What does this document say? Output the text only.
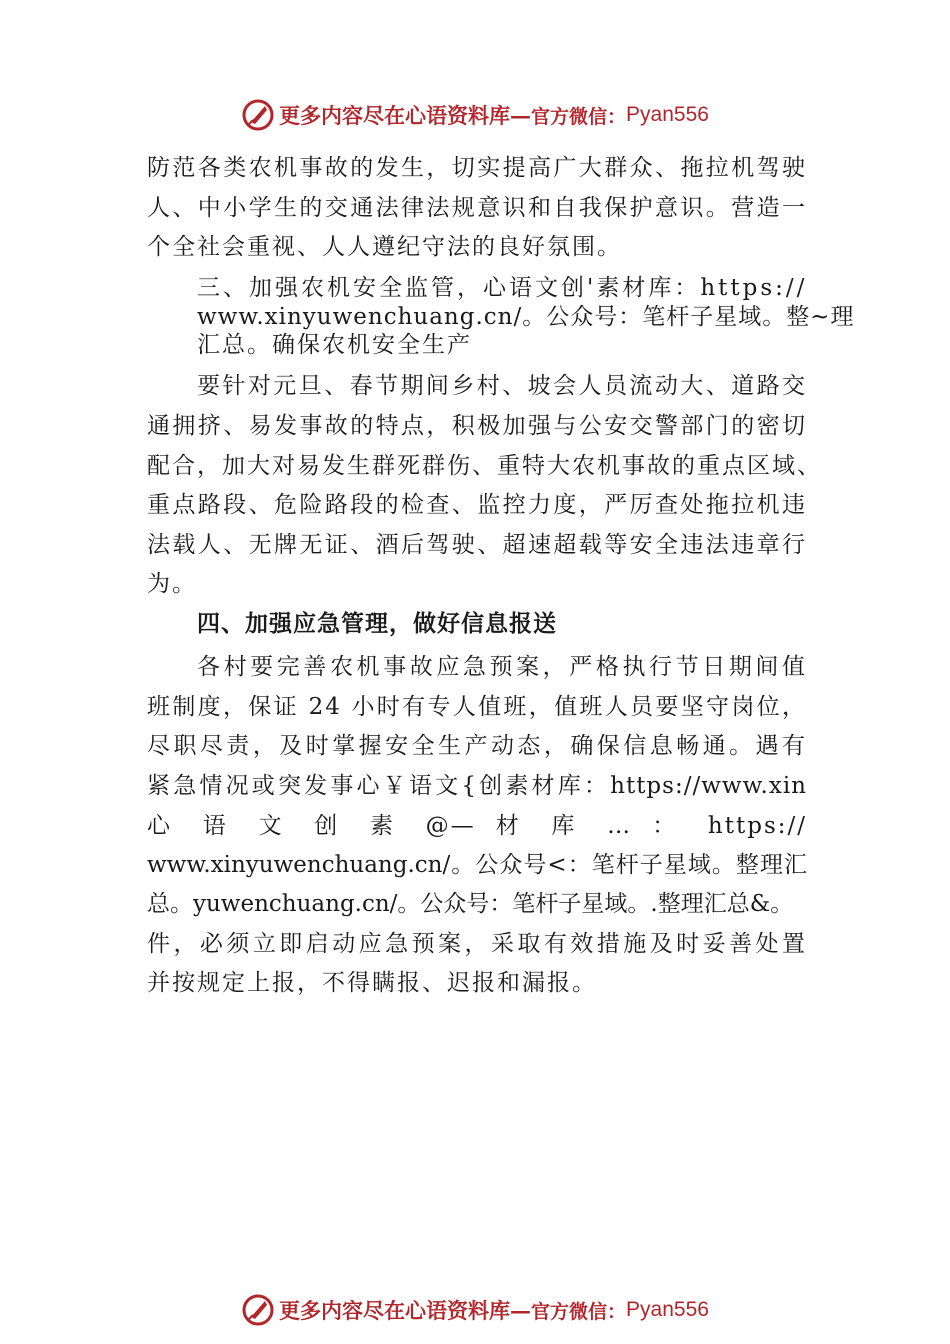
更多内容尽在心语资料库 — 官方微信： Pyan556
防范各类农机事故的发生，切实提高广大群众、拖拉机驾驶
人、中小学生的交通法律法规意识和自我保护意识。营造一
个全社会重视、人人遵纪守法的良好氛围。
三、加强农机安全监管，心语文创'素材库：https://
www.xinyuwenchuang.cn/。公众号：笔杆子星域。整~理
汇总。确保农机安全生产
要针对元旦、春节期间乡村、坡会人员流动大、道路交
通拥挤、易发事故的特点，积极加强与公安交警部门的密切
配合，加大对易发生群死群伤、重特大农机事故的重点区域、
重点路段、危险路段的检查、监控力度，严厉查处拖拉机违
法载人、无牌无证、酒后驾驶、超速超载等安全违法违章行
为。
四、加强应急管理，做好信息报送
各村要完善农机事故应急预案，严格执行节日期间值
班制度，保证 24 小时有专人值班，值班人员要坚守岗位，
尽职尽责，及时掌握安全生产动态，确保信息畅通。遇有
紧急情况或突发事心￥语文{创素材库：https://www.xin
心 语 文 创 素 @— 材 库 … ： https://
www.xinyuwenchuang.cn/。公众号<：笔杆子星域。整理汇
总。yuwenchuang.cn/。公众号：笔杆子星域。.整理汇总&。
件，必须立即启动应急预案，采取有效措施及时妥善处置
并按规定上报，不得瞒报、迟报和漏报。
更多内容尽在心语资料库 — 官方微信： Pyan556
